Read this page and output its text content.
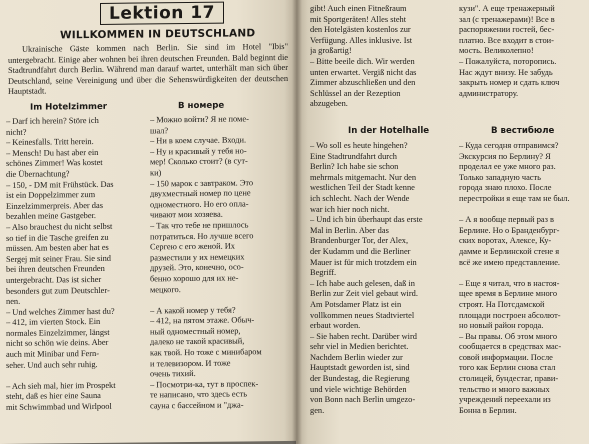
Lektion 17
WILLKOMMEN IN DEUTSCHLAND
Ukrainische Gäste kommen nach Berlin. Sie sind im Hotel "Ibis" untergebracht. Einige aber wohnen bei ihren deutschen Freunden. Bald beginnt die Stadtrundfahrt durch Berlin. Während man darauf wartet, unterhält man sich über Deutschland, seine Vereinigung und über die Sehenswürdigkeiten der deutschen Hauptstadt.
Im Hotelzimmer	В номере
– Darf ich herein? Störe ich
nicht?
– Keinesfalls. Tritt herein.
– Mensch! Du hast aber ein
schönes Zimmer! Was kostet
die Übernachtung?
– 150, - DM mit Frühstück. Das
ist ein Doppelzimmer zum
Einzelzimmerpreis. Aber das
bezahlen meine Gastgeber.
– Also brauchest du nicht selbst
so tief in die Tasche greifen zu
müssen. Am besten aber hat es
Sergej mit seiner Frau. Sie sind
bei ihren deutschen Freunden
untergebracht. Das ist sicher
besonders gut zum Deutschler-
nen.
– Und welches Zimmer hast du?
– 412, im vierten Stock. Ein
normales Einzelzimmer, längst
nicht so schön wie deins. Aber
auch mit Minibar und Fern-
seher. Und auch sehr ruhig.
– Ach sieh mal, hier im Prospekt
steht, daß es hier eine Sauna
mit Schwimmbad und Wirlpool
– Можно войти? Я не поме-
шал?
– Ни в коем случае. Входи.
– Ну и красивый у тебя но-
мер! Сколько стоит? (в сут-
ки)
– 150 марок с завтраком. Это
двухместный номер по цене
одноместного. Но его опла-
чивают мои хозяева.
– Так что тебе не пришлось
потратиться. Но лучше всего
Сергею с его женой. Их
разместили у их немецких
друзей. Это, конечно, осо-
бенно хорошо для их не-
мецкого.
– А какой номер у тебя?
– 412, на пятом этаже. Обыч-
ный одноместный номер,
далеко не такой красивый,
как твой. Но тоже с минибаром
и телевизором. И тоже
очень тихий.
– Посмотри-ка, тут в проспек-
те написано, что здесь есть
сауна с бассейном и "джа-
gibt! Auch einen Fitneßraum
mit Sportgeräten! Alles steht
den Hotelgästen kostenlos zur
Verfügung. Alles inklusive. Ist
ja großartig!
– Bitte beeile dich. Wir werden
unten erwartet. Vergiß nicht das
Zimmer abzuschließen und den
Schlüssel an der Rezeption
abzugeben.
кузи". А еще тренажерный
зал (с тренажерами)! Все в
распоряжении гостей, бес-
платно. Все входит в стои-
мость. Великолепно!
– Пожалуйста, поторопись.
Нас ждут внизу. Не забудь
закрыть номер и сдать ключ
администратору.
In der Hotelhalle	В вестибюле
– Wo soll es heute hingehen?
Eine Stadtrundfahrt durch
Berlin? Ich habe sie schon
mehrmals mitgemacht. Nur den
westlichen Teil der Stadt kenne
ich schlecht. Nach der Wende
war ich hier noch nicht.
– Und ich bin überhaupt das erste
Mal in Berlin. Aber das
Brandenburger Tor, der Alex,
der Kudamm und die Berliner
Mauer ist für mich trotzdem ein
Begriff.
– Ich habe auch gelesen, daß in
Berlin zur Zeit viel gebaut wird.
Am Potsdamer Platz ist ein
vollkommen neues Stadtviertel
erbaut worden.
– Sie haben recht. Darüber wird
sehr viel in Medien berichtet.
Nachdem Berlin wieder zur
Hauptstadt geworden ist, sind
der Bundestag, die Regierung
und viele wichtige Behörden
von Bonn nach Berlin umgezo-
gen.
– Куда сегодня отправимся?
Экскурсия по Берлину? Я
проделал ее уже много раз.
Только западную часть
города знаю плохо. После
перестройки я еще там не был.
– А я вообще первый раз в
Берлине. Но о Бранденбург-
ских воротах, Алексе, Ку-
дамме и Берлинской стене я
всё же имею представление.
– Еще я читал, что в настоя-
щее время в Берлине много
строят. На Потсдамской
площади построен абсолют-
но новый район города.
– Вы правы. Об этом много
сообщается в средствах мас-
совой информации. После
того как Берлин снова стал
столицей, бундестаг, прави-
тельство и много важных
учреждений переехали из
Бонна в Берлин.
